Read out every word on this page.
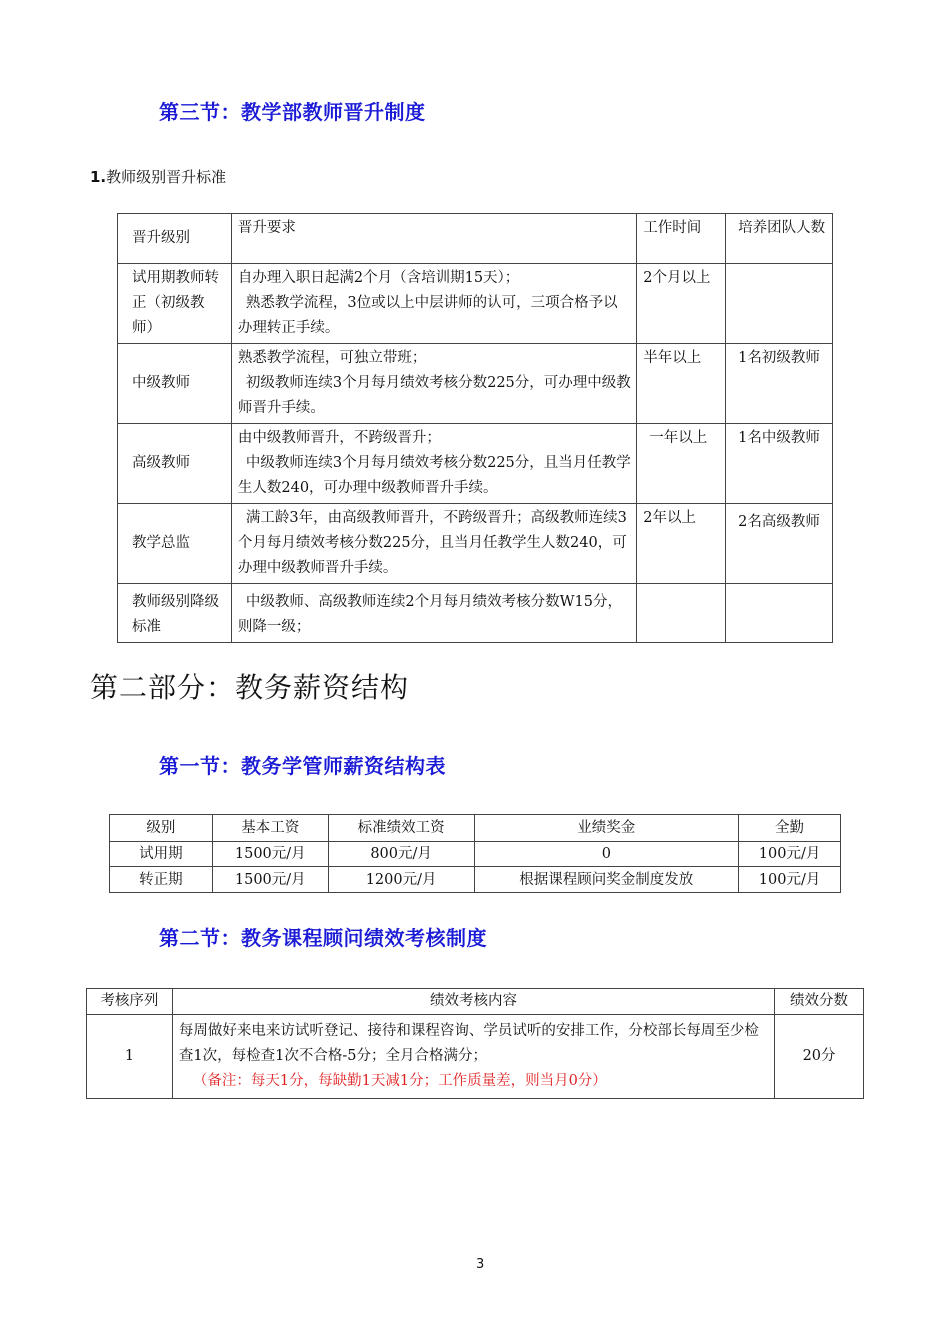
第三节：教学部教师晋升制度
1.教师级别晋升标准
晋升级别	晋升要求	工作时间	培养团队人数
试用期教师转正（初级教师）	自办理入职日起满2个月（含培训期15天）；
熟悉教学流程，3位或以上中层讲师的认可，三项合格予以办理转正手续。	2个月以上	
中级教师	熟悉教学流程，可独立带班；
初级教师连续3个月每月绩效考核分数225分，可办理中级教师晋升手续。	半年以上	1名初级教师
高级教师	由中级教师晋升，不跨级晋升；
中级教师连续3个月每月绩效考核分数225分，且当月任教学生人数240，可办理中级教师晋升手续。	一年以上	1名中级教师
教学总监	满工龄3年，由高级教师晋升，不跨级晋升；高级教师连续3个月每月绩效考核分数225分，且当月任教学生人数240，可办理中级教师晋升手续。	2年以上	2名高级教师
教师级别降级标准	中级教师、高级教师连续2个月每月绩效考核分数W15分，则降一级；		
第二部分：教务薪资结构
第一节：教务学管师薪资结构表
级别	基本工资	标准绩效工资	业绩奖金	全勤
试用期	1500元/月	800元/月	0	100元/月
转正期	1500元/月	1200元/月	根据课程顾问奖金制度发放	100元/月
第二节：教务课程顾问绩效考核制度
考核序列	绩效考核内容	绩效分数
1	每周做好来电来访试听登记、接待和课程咨询、学员试听的安排工作，分校部长每周至少检查1次，每检查1次不合格-5分；全月合格满分；
（备注：每天1分，每缺勤1天减1分；工作质量差，则当月0分）	20分
3
